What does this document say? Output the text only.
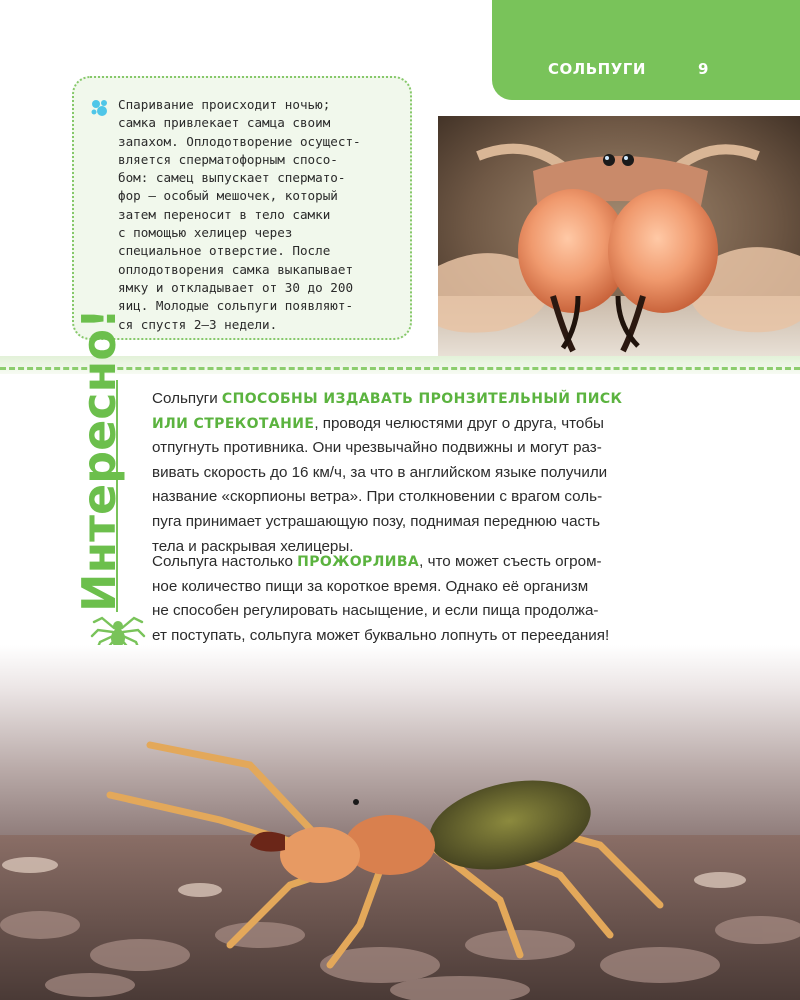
СОЛЬПУГИ	9
Спаривание происходит ночью;
самка привлекает самца своим
запахом. Оплодотворение осущест-
вляется сперматофорным спосо-
бом: самец выпускает спермато-
фор — особый мешочек, который
затем переносит в тело самки
с помощью хелицер через
специальное отверстие. После
оплодотворения самка выкапывает
ямку и откладывает от 30 до 200
яиц. Молодые сольпуги появляют-
ся спустя 2–3 недели.
Интересно! Сольпуги СПОСОБНЫ ИЗДАВАТЬ ПРОНЗИТЕЛЬНЫЙ ПИСК
ИЛИ СТРЕКОТАНИЕ, проводя челюстями друг о друга, чтобы
отпугнуть противника. Они чрезвычайно подвижны и могут раз-
вивать скорость до 16 км/ч, за что в английском языке получили
название «скорпионы ветра». При столкновении с врагом соль-
пуга принимает устрашающую позу, поднимая переднюю часть
тела и раскрывая хелицеры.

Сольпуга настолько ПРОЖОРЛИВА, что может съесть огром-
ное количество пищи за короткое время. Однако её организм
не способен регулировать насыщение, и если пища продолжа-
ет поступать, сольпуга может буквально лопнуть от переедания!
